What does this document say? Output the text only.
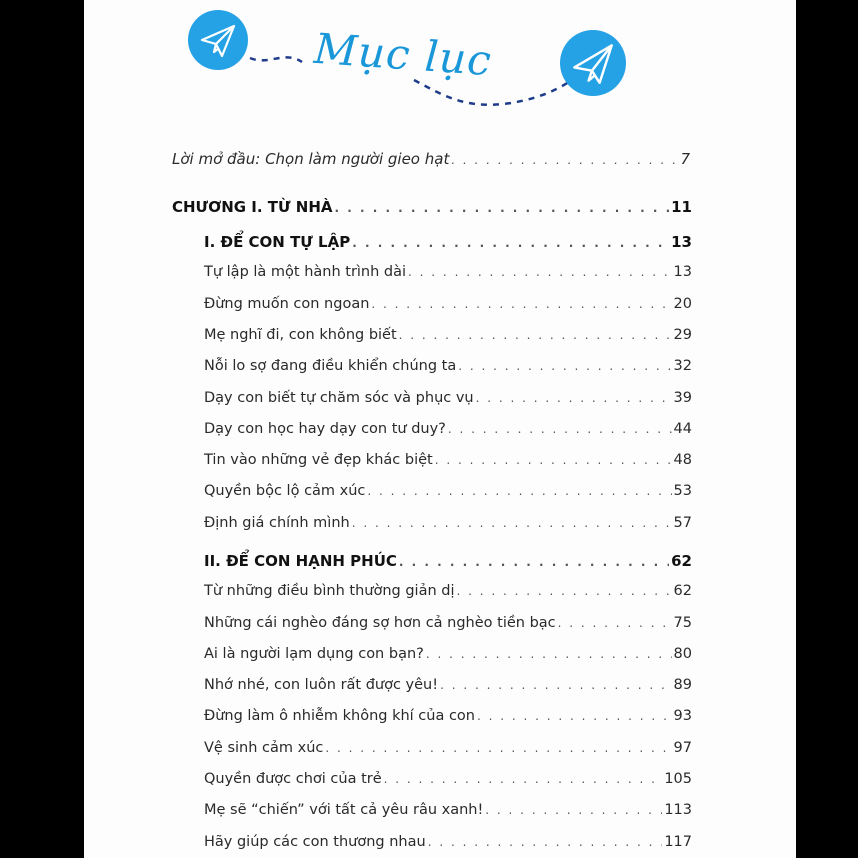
Mục lục
Lời mở đầu: Chọn làm người gieo hạt . . .	7
CHƯƠNG I. TỪ NHÀ . . .	11
I. ĐỂ CON TỰ LẬP . . .	13
Tự lập là một hành trình dài . . .	13
Đừng muốn con ngoan . . .	20
Mẹ nghĩ đi, con không biết . . .	29
Nỗi lo sợ đang điều khiển chúng ta . . .	32
Dạy con biết tự chăm sóc và phục vụ . . .	39
Dạy con học hay dạy con tư duy? . . .	44
Tin vào những vẻ đẹp khác biệt . . .	48
Quyền bộc lộ cảm xúc . . .	53
Định giá chính mình . . .	57
II. ĐỂ CON HẠNH PHÚC . . .	62
Từ những điều bình thường giản dị . . .	62
Những cái nghèo đáng sợ hơn cả nghèo tiền bạc . . .	75
Ai là người lạm dụng con bạn? . . .	80
Nhớ nhé, con luôn rất được yêu! . . .	89
Đừng làm ô nhiễm không khí của con . . .	93
Vệ sinh cảm xúc . . .	97
Quyền được chơi của trẻ . . .	105
Mẹ sẽ “chiến” với tất cả yêu râu xanh! . . .	113
Hãy giúp các con thương nhau . . .	117
